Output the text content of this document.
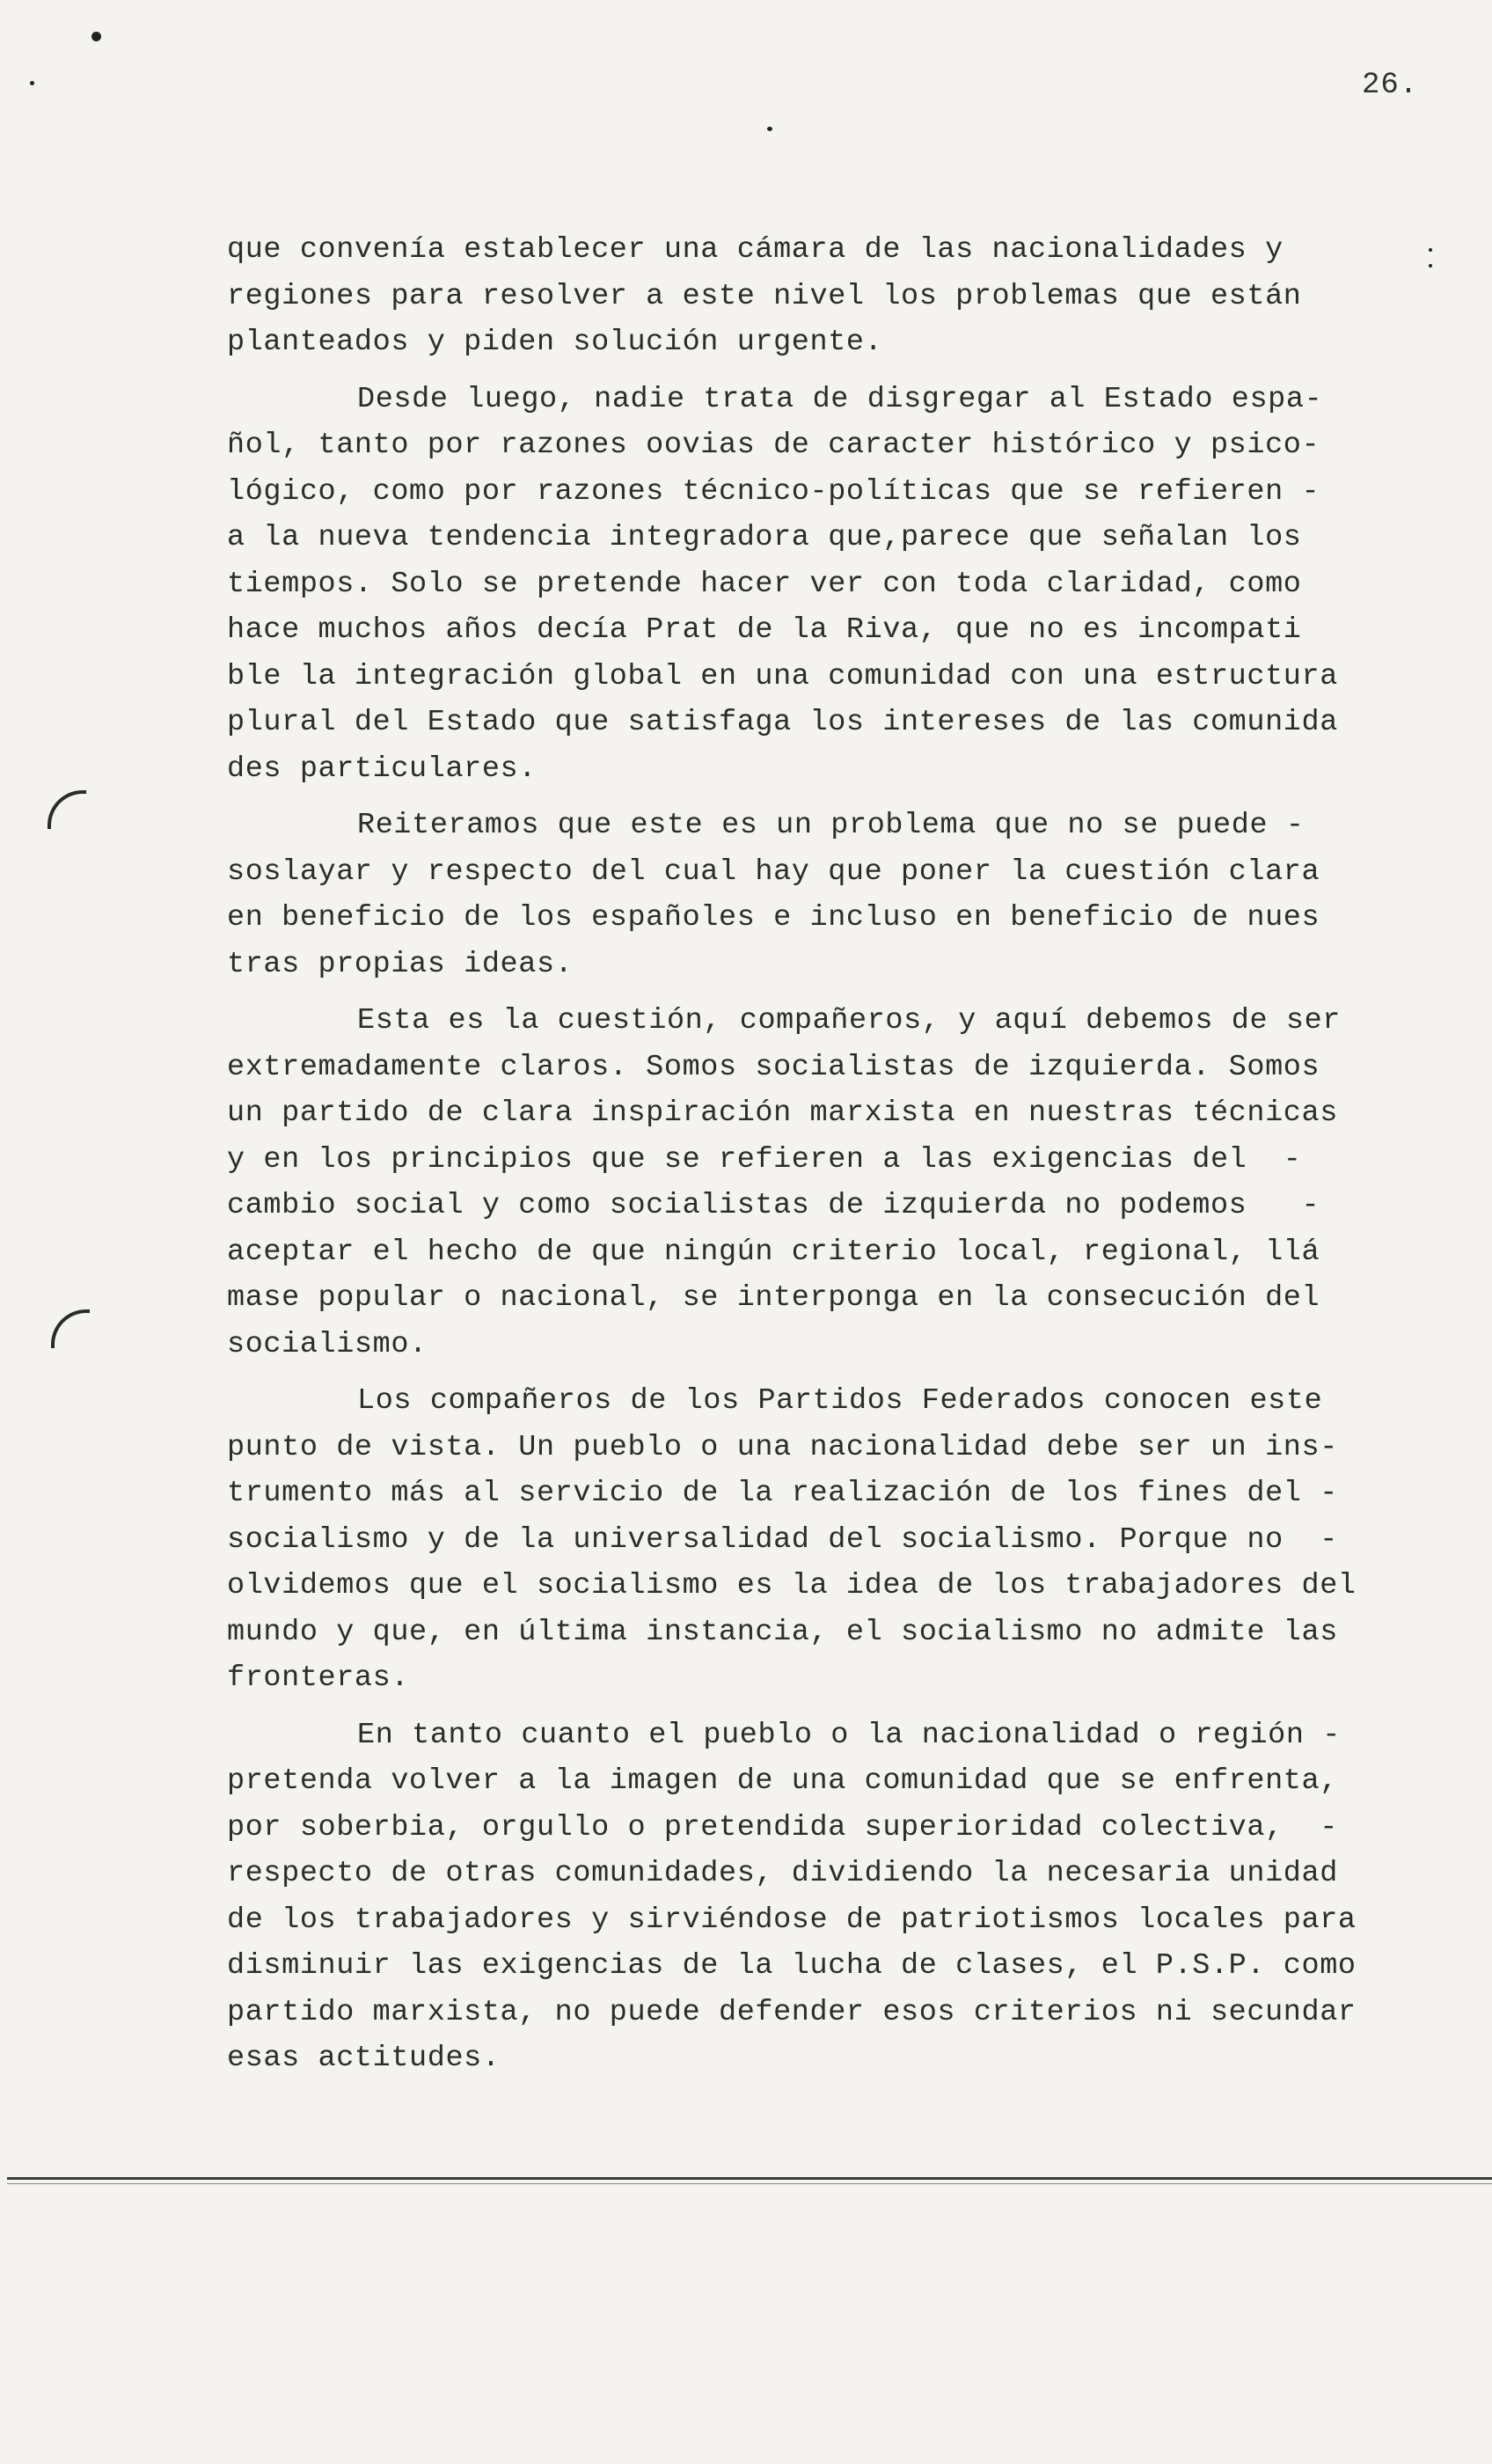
26.
que convenía establecer una cámara de las nacionalidades y
regiones para resolver a este nivel los problemas que están
planteados y piden solución urgente.
Desde luego, nadie trata de disgregar al Estado espa-
ñol, tanto por razones oovias de caracter histórico y psico-
lógico, como por razones técnico-políticas que se refieren -
a la nueva tendencia integradora que,parece que señalan los
tiempos. Solo se pretende hacer ver con toda claridad, como
hace muchos años decía Prat de la Riva, que no es incompati
ble la integración global en una comunidad con una estructura
plural del Estado que satisfaga los intereses de las comunida
des particulares.
Reiteramos que este es un problema que no se puede -
soslayar y respecto del cual hay que poner la cuestión clara
en beneficio de los españoles e incluso en beneficio de nues
tras propias ideas.
Esta es la cuestión, compañeros, y aquí debemos de ser
extremadamente claros. Somos socialistas de izquierda. Somos
un partido de clara inspiración marxista en nuestras técnicas
y en los principios que se refieren a las exigencias del  -
cambio social y como socialistas de izquierda no podemos   -
aceptar el hecho de que ningún criterio local, regional, llá
mase popular o nacional, se interponga en la consecución del
socialismo.
Los compañeros de los Partidos Federados conocen este
punto de vista. Un pueblo o una nacionalidad debe ser un ins-
trumento más al servicio de la realización de los fines del -
socialismo y de la universalidad del socialismo. Porque no  -
olvidemos que el socialismo es la idea de los trabajadores del
mundo y que, en última instancia, el socialismo no admite las
fronteras.
En tanto cuanto el pueblo o la nacionalidad o región -
pretenda volver a la imagen de una comunidad que se enfrenta,
por soberbia, orgullo o pretendida superioridad colectiva,  -
respecto de otras comunidades, dividiendo la necesaria unidad
de los trabajadores y sirviéndose de patriotismos locales para
disminuir las exigencias de la lucha de clases, el P.S.P. como
partido marxista, no puede defender esos criterios ni secundar
esas actitudes.
